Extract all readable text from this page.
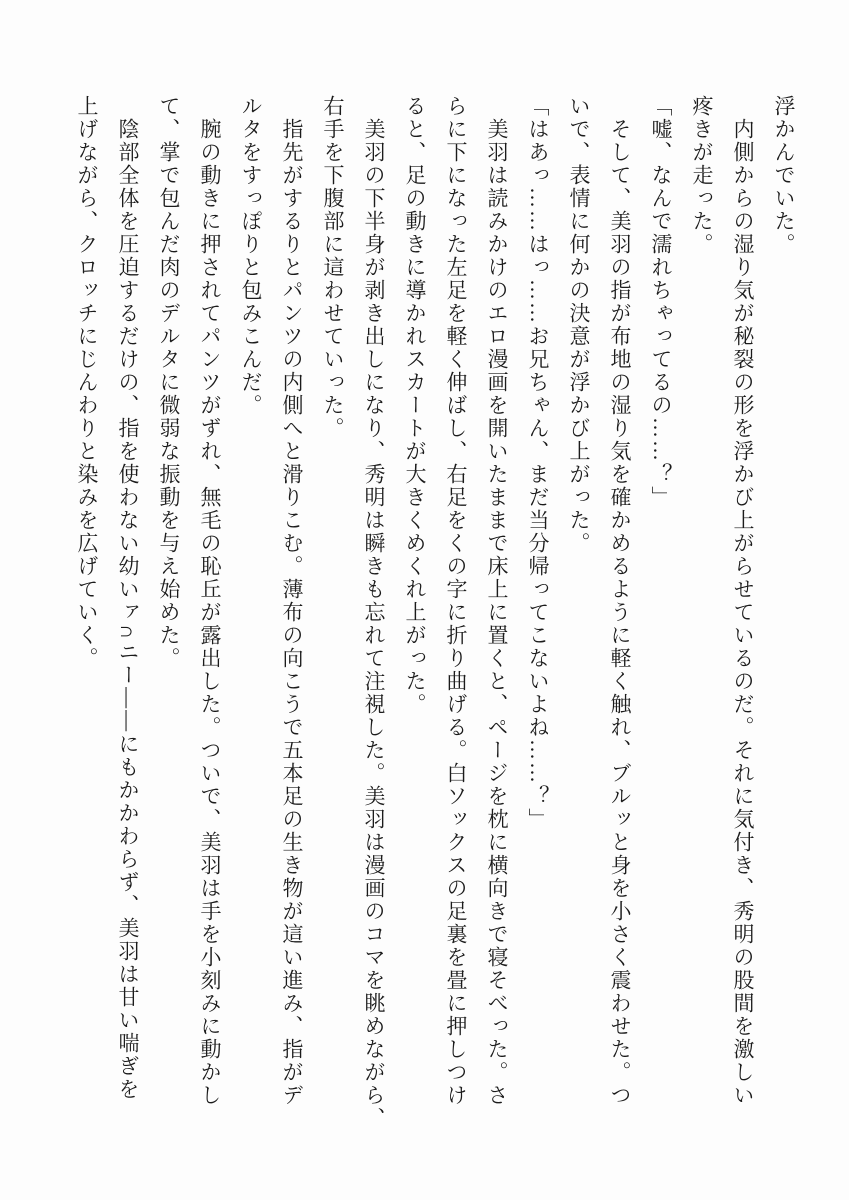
浮かんでいた。
　内側からの湿り気が秘裂の形を浮かび上がらせているのだ。それに気付き、秀明の股間を激しい
疼きが走った。
「嘘、なんで濡れちゃってるの……？」
　そして、美羽の指が布地の湿り気を確かめるように軽く触れ、ブルッと身を小さく震わせた。つ
いで、表情に何かの決意が浮かび上がった。
「はあっ……はっ……お兄ちゃん、まだ当分帰ってこないよね……？」
　美羽は読みかけのエロ漫画を開いたままで床上に置くと、ページを枕に横向きで寝そべった。さ
らに下になった左足を軽く伸ばし、右足をくの字に折り曲げる。白ソックスの足裏を畳に押しつけ
ると、足の動きに導かれスカートが大きくめくれ上がった。
　美羽の下半身が剥き出しになり、秀明は瞬きも忘れて注視した。美羽は漫画のコマを眺めながら、
右手を下腹部に這わせていった。
　指先がするりとパンツの内側へと滑りこむ。薄布の向こうで五本足の生き物が這い進み、指がデ
ルタをすっぽりと包みこんだ。
　腕の動きに押されてパンツがずれ、無毛の恥丘が露出した。ついで、美羽は手を小刻みに動かし
て、掌で包んだ肉のデルタに微弱な振動を与え始めた。
　陰部全体を圧迫するだけの、指を使わない幼いァ∩ニー――にもかかわらず、美羽は甘い喘ぎを
上げながら、クロッチにじんわりと染みを広げていく。
